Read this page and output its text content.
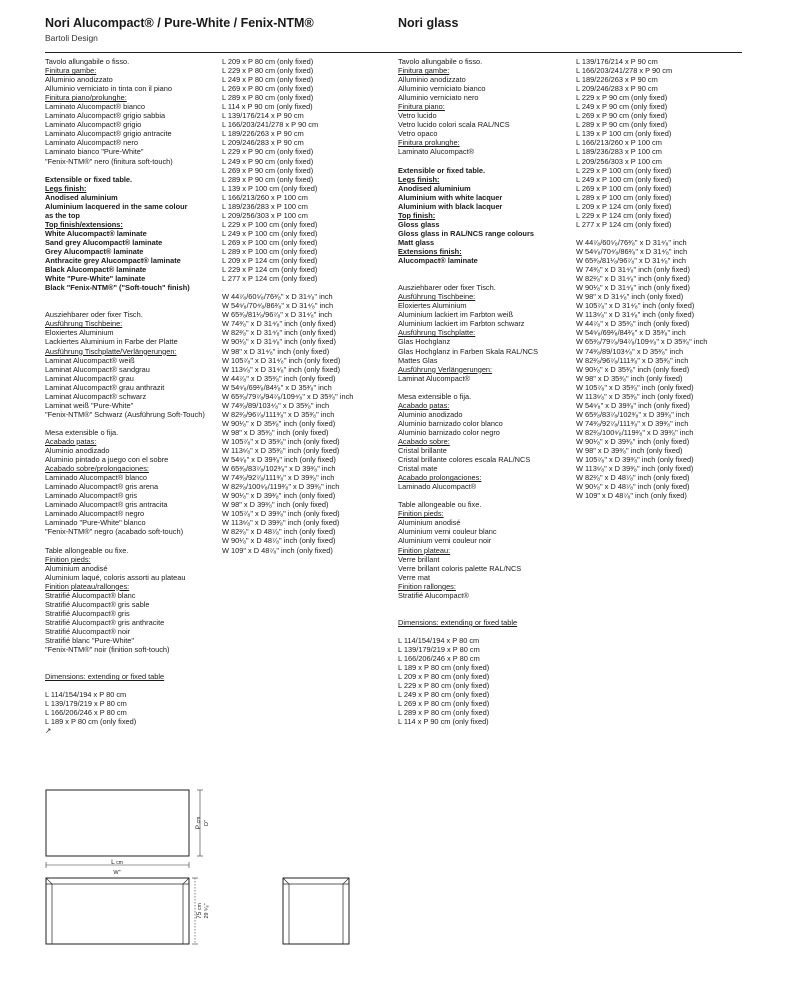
Nori Alucompact® / Pure-White / Fenix-NTM®
Bartoli Design
Nori glass
Tavolo allungabile o fisso.
Finitura gambe:
Alluminio anodizzato
Alluminio verniciato in tinta con il piano
Finitura piano/prolunghe:
Laminato Alucompact® bianco
Laminato Alucompact® grigio sabbia
Laminato Alucompact® grigio
Laminato Alucompact® grigio antracite
Laminato Alucompact® nero
Laminato bianco "Pure-White"
"Fenix-NTM®" nero (finitura soft-touch)
Extensible or fixed table.
Legs finish:
Anodised aluminium
Aluminium lacquered in the same colour
as the top
Top finish/extensions:
White Alucompact® laminate
Sand grey Alucompact® laminate
Grey Alucompact® laminate
Anthracite grey Alucompact® laminate
Black Alucompact® laminate
White "Pure-White" laminate
Black "Fenix-NTM®" ("Soft-touch" finish)
Ausziehbarer oder fixer Tisch.
Ausführung Tischbeine:
Eloxiertes Aluminium
Lackiertes Aluminium in Farbe der Platte
Ausführung Tischplatte/Verlängerungen:
Laminat Alucompact® weiß
Laminat Alucompact® sandgrau
Laminat Alucompact® grau
Laminat Alucompact® grau anthrazit
Laminat Alucompact® schwarz
Laminat weiß "Pure-White"
"Fenix-NTM®" Schwarz (Ausführung Soft-Touch)
Mesa extensible o fija.
Acabado patas:
Aluminio anodizado
Aluminio pintado a juego con el sobre
Acabado sobre/prolongaciones:
Laminado Alucompact® blanco
Laminado Alucompact® gris arena
Laminado Alucompact® gris
Laminado Alucompact® gris antracita
Laminado Alucompact® negro
Laminado "Pure-White" blanco
"Fenix-NTM®" negro (acabado soft-touch)
Table allongeable ou fixe.
Finition pieds:
Aluminium anodisé
Aluminium laqué, coloris assorti au plateau
Finition plateau/rallonges:
Stratifié Alucompact® blanc
Stratifié Alucompact® gris sable
Stratifié Alucompact® gris
Stratifié Alucompact® gris anthracite
Stratifié Alucompact® noir
Stratifié blanc "Pure-White"
"Fenix-NTM®" noir (finition soft-touch)
Dimensions: extending or fixed table
L 114/154/194 x P 80 cm
L 139/179/219 x P 80 cm
L 166/206/246 x P 80 cm
L 189 x P 80 cm (only fixed)
↗
L 209 x P 80 cm (only fixed)
L 229 x P 80 cm (only fixed)
L 249 x P 80 cm (only fixed)
L 269 x P 80 cm (only fixed)
L 289 x P 80 cm (only fixed)
L 114 x P 90 cm (only fixed)
L 139/176/214 x P 90 cm
L 166/203/241/278 x P 90 cm
L 189/226/263 x P 90 cm
L 209/246/283 x P 90 cm
L 229 x P 90 cm (only fixed)
L 249 x P 90 cm (only fixed)
L 269 x P 90 cm (only fixed)
L 289 x P 90 cm (only fixed)
L 139 x P 100 cm (only fixed)
L 166/213/260 x P 100 cm
L 189/236/283 x P 100 cm
L 209/256/303 x P 100 cm
L 229 x P 100 cm (only fixed)
L 249 x P 100 cm (only fixed)
L 269 x P 100 cm (only fixed)
L 289 x P 100 cm (only fixed)
L 209 x P 124 cm (only fixed)
L 229 x P 124 cm (only fixed)
L 277 x P 124 cm (only fixed)
W 44⁷⁄₈/60⁵⁄₈/76³⁄₈" x D 31⁴⁄₈" inch
W 54⁶⁄₈/70⁴⁄₈/86²⁄₈" x D 31⁴⁄₈" inch
W 65³⁄₈/81¹⁄₈/96⁷⁄₈" x D 31⁴⁄₈" inch
W 74³⁄₈" x D 31⁴⁄₈" inch (only fixed)
W 82²⁄₈" x D 31⁴⁄₈" inch (only fixed)
W 90¹⁄₈" x D 31⁴⁄₈" inch (only fixed)
W 98" x D 31⁴⁄₈" inch (only fixed)
W 105⁷⁄₈" x D 31⁴⁄₈" inch (only fixed)
W 113⁶⁄₈" x D 31⁴⁄₈" inch (only fixed)
W 44⁷⁄₈" x D 35³⁄₈" inch (only fixed)
W 54⁶⁄₈/69²⁄₈/84²⁄₈" x D 35³⁄₈" inch
W 65³⁄₈/79⁷⁄₈/94⁷⁄₈/109⁴⁄₈" x D 35³⁄₈" inch
W 74³⁄₈/89/103⁴⁄₈" x D 35³⁄₈" inch
W 82²⁄₈/96⁷⁄₈/111³⁄₈" x D 35³⁄₈" inch
W 90¹⁄₈" x D 35³⁄₈" inch (only fixed)
W 98" x D 35³⁄₈" inch (only fixed)
W 105⁷⁄₈" x D 35³⁄₈" inch (only fixed)
W 113⁶⁄₈" x D 35³⁄₈" inch (only fixed)
W 54⁶⁄₈" x D 39³⁄₈" inch (only fixed)
W 65³⁄₈/83⁷⁄₈/102³⁄₈" x D 39³⁄₈" inch
W 74³⁄₈/92⁷⁄₈/111³⁄₈" x D 39³⁄₈" inch
W 82²⁄₈/100⁶⁄₈/119²⁄₈" x D 39³⁄₈" inch
W 90¹⁄₈" x D 39³⁄₈" inch (only fixed)
W 98" x D 39³⁄₈" inch (only fixed)
W 105⁷⁄₈" x D 39³⁄₈" inch (only fixed)
W 113⁶⁄₈" x D 39³⁄₈" inch (only fixed)
W 82²⁄₈" x D 48⁷⁄₈" inch (only fixed)
W 90¹⁄₈" x D 48⁷⁄₈" inch (only fixed)
W 109" x D 48⁷⁄₈" inch (only fixed)
Tavolo allungabile o fisso.
Finitura gambe:
Alluminio anodizzato
Alluminio verniciato bianco
Alluminio verniciato nero
Finitura piano:
Vetro lucido
Vetro lucido colori scala RAL/NCS
Vetro opaco
Finitura prolunghe:
Laminato Alucompact®
Extensible or fixed table.
Legs finish:
Anodised aluminium
Aluminium with white lacquer
Aluminium with black lacquer
Top finish:
Gloss glass
Gloss glass in RAL/NCS range colours
Matt glass
Extensions finish:
Alucompact® laminate
Ausziehbarer oder fixer Tisch.
Ausführung Tischbeine:
Eloxiertes Aluminium
Aluminium lackiert im Farbton weiß
Aluminium lackiert im Farbton schwarz
Ausführung Tischplatte:
Glas Hochglanz
Glas Hochglanz in Farben Skala RAL/NCS
Mattes Glas
Ausführung Verlängerungen:
Laminat Alucompact®
Mesa extensible o fija.
Acabado patas:
Aluminio anodizado
Aluminio barnizado color blanco
Aluminio barnizado color negro
Acabado sobre:
Cristal brillante
Cristal brillante colores escala RAL/NCS
Cristal mate
Acabado prolongaciones:
Laminado Alucompact®
Table allongeable ou fixe.
Finition pieds:
Aluminium anodisé
Aluminium verni couleur blanc
Aluminium verni couleur noir
Finition plateau:
Verre brillant
Verre brillant coloris palette RAL/NCS
Verre mat
Finition rallonges:
Stratifié Alucompact®
Dimensions: extending or fixed table
L 114/154/194 x P 80 cm
L 139/179/219 x P 80 cm
L 166/206/246 x P 80 cm
L 189 x P 80 cm (only fixed)
L 209 x P 80 cm (only fixed)
L 229 x P 80 cm (only fixed)
L 249 x P 80 cm (only fixed)
L 269 x P 80 cm (only fixed)
L 289 x P 80 cm (only fixed)
L 114 x P 90 cm (only fixed)
L 139/176/214 x P 90 cm
L 166/203/241/278 x P 90 cm
L 189/226/263 x P 90 cm
L 209/246/283 x P 90 cm
L 229 x P 90 cm (only fixed)
L 249 x P 90 cm (only fixed)
L 269 x P 90 cm (only fixed)
L 289 x P 90 cm (only fixed)
L 139 x P 100 cm (only fixed)
L 166/213/260 x P 100 cm
L 189/236/283 x P 100 cm
L 209/256/303 x P 100 cm
L 229 x P 100 cm (only fixed)
L 249 x P 100 cm (only fixed)
L 269 x P 100 cm (only fixed)
L 289 x P 100 cm (only fixed)
L 209 x P 124 cm (only fixed)
L 229 x P 124 cm (only fixed)
L 277 x P 124 cm (only fixed)
W 44⁷⁄₈/60⁵⁄₈/76³⁄₈" x D 31⁴⁄₈" inch
W 54⁶⁄₈/70⁴⁄₈/86²⁄₈" x D 31⁴⁄₈" inch
W 65³⁄₈/81¹⁄₈/96⁷⁄₈" x D 31⁴⁄₈" inch
W 74³⁄₈" x D 31⁴⁄₈" inch (only fixed)
W 82²⁄₈" x D 31⁴⁄₈" inch (only fixed)
W 90¹⁄₈" x D 31⁴⁄₈" inch (only fixed)
W 98" x D 31⁴⁄₈" inch (only fixed)
W 105⁷⁄₈" x D 31⁴⁄₈" inch (only fixed)
W 113⁶⁄₈" x D 31⁴⁄₈" inch (only fixed)
W 44⁷⁄₈" x D 35³⁄₈" inch (only fixed)
W 54⁶⁄₈/69²⁄₈/84²⁄₈" x D 35³⁄₈" inch
W 65³⁄₈/79⁷⁄₈/94⁷⁄₈/109⁴⁄₈" x D 35³⁄₈" inch
W 74³⁄₈/89/103⁴⁄₈" x D 35³⁄₈" inch
W 82²⁄₈/96⁷⁄₈/111³⁄₈" x D 35³⁄₈" inch
W 90¹⁄₈" x D 35³⁄₈" inch (only fixed)
W 98" x D 35³⁄₈" inch (only fixed)
W 105⁷⁄₈" x D 35³⁄₈" inch (only fixed)
W 113⁶⁄₈" x D 35³⁄₈" inch (only fixed)
W 54⁶⁄₈" x D 39³⁄₈" inch (only fixed)
W 65³⁄₈/83⁷⁄₈/102³⁄₈" x D 39³⁄₈" inch
W 74³⁄₈/92⁷⁄₈/111³⁄₈" x D 39³⁄₈" inch
W 82²⁄₈/100⁶⁄₈/119²⁄₈" x D 39³⁄₈" inch
W 90¹⁄₈" x D 39³⁄₈" inch (only fixed)
W 98" x D 39³⁄₈" inch (only fixed)
W 105⁷⁄₈" x D 39³⁄₈" inch (only fixed)
W 113⁶⁄₈" x D 39³⁄₈" inch (only fixed)
W 82²⁄₈" x D 48⁷⁄₈" inch (only fixed)
W 90¹⁄₈" x D 48⁷⁄₈" inch (only fixed)
W 109" x D 48⁷⁄₈" inch (only fixed)
P cm D"
L cm
W"
75 cm 29 ⁵⁄₈"
